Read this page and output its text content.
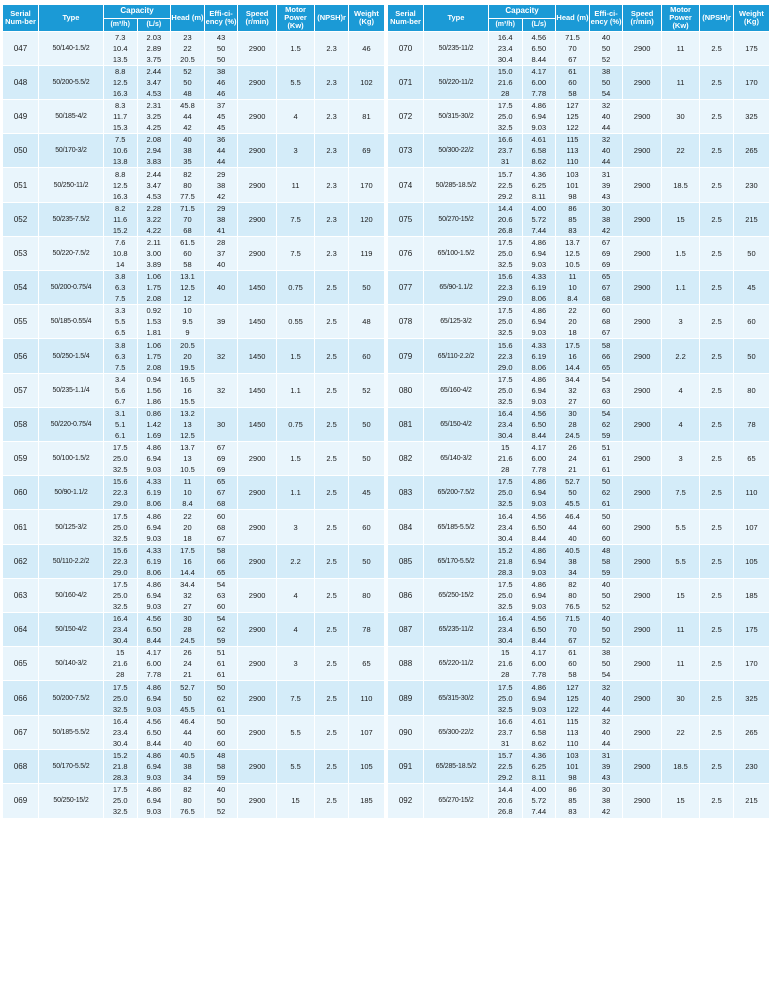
Serial Num-ber	Type	Capacity		Head (m)	Effi-ci-ency (%)	Speed (r/min)	Motor Power (Kw)	(NPSH)r	Weight (Kg)
		(m³/h)	(L/s)						
047	50/140-1.5/2	7.3
10.4
13.5	2.03
2.89
3.75	23
22
20.5	43
50
50	2900	1.5	2.3	46
048	50/200-5.5/2	8.8
12.5
16.3	2.44
3.47
4.53	52
50
48	38
46
46	2900	5.5	2.3	102
049	50/185-4/2	8.3
11.7
15.3	2.31
3.25
4.25	45.8
44
42	37
45
45	2900	4	2.3	81
050	50/170-3/2	7.5
10.6
13.8	2.08
2.94
3.83	40
38
35	36
44
44	2900	3	2.3	69
051	50/250-11/2	8.8
12.5
16.3	2.44
3.47
4.53	82
80
77.5	29
38
42	2900	11	2.3	170
052	50/235-7.5/2	8.2
11.6
15.2	2.28
3.22
4.22	71.5
70
68	29
38
41	2900	7.5	2.3	120
053	50/220-7.5/2	7.6
10.8
14	2.11
3.00
3.89	61.5
60
58	28
37
40	2900	7.5	2.3	119
054	50/200-0.75/4	3.8
6.3
7.5	1.06
1.75
2.08	13.1
12.5
12	40	1450	0.75	2.5	50
055	50/185-0.55/4	3.3
5.5
6.5	0.92
1.53
1.81	10
9.5
9	39	1450	0.55	2.5	48
056	50/250-1.5/4	3.8
6.3
7.5	1.06
1.75
2.08	20.5
20
19.5	32	1450	1.5	2.5	60
057	50/235-1.1/4	3.4
5.6
6.7	0.94
1.56
1.86	16.5
16
15.5	32	1450	1.1	2.5	52
058	50/220-0.75/4	3.1
5.1
6.1	0.86
1.42
1.69	13.2
13
12.5	30	1450	0.75	2.5	50
059	50/100-1.5/2	17.5
25.0
32.5	4.86
6.94
9.03	13.7
13
10.5	67
69
69	2900	1.5	2.5	50
060	50/90-1.1/2	15.6
22.3
29.0	4.33
6.19
8.06	11
10
8.4	65
67
68	2900	1.1	2.5	45
061	50/125-3/2	17.5
25.0
32.5	4.86
6.94
9.03	22
20
18	60
68
67	2900	3	2.5	60
062	50/110-2.2/2	15.6
22.3
29.0	4.33
6.19
8.06	17.5
16
14.4	58
66
65	2900	2.2	2.5	50
063	50/160-4/2	17.5
25.0
32.5	4.86
6.94
9.03	34.4
32
27	54
63
60	2900	4	2.5	80
064	50/150-4/2	16.4
23.4
30.4	4.56
6.50
8.44	30
28
24.5	54
62
59	2900	4	2.5	78
065	50/140-3/2	15
21.6
28	4.17
6.00
7.78	26
24
21	51
61
61	2900	3	2.5	65
066	50/200-7.5/2	17.5
25.0
32.5	4.86
6.94
9.03	52.7
50
45.5	50
62
61	2900	7.5	2.5	110
067	50/185-5.5/2	16.4
23.4
30.4	4.56
6.50
8.44	46.4
44
40	50
60
60	2900	5.5	2.5	107
068	50/170-5.5/2	15.2
21.8
28.3	4.86
6.94
9.03	40.5
38
34	48
58
59	2900	5.5	2.5	105
069	50/250-15/2	17.5
25.0
32.5	4.86
6.94
9.03	82
80
76.5	40
50
52	2900	15	2.5	185
Serial Num-ber	Type	Capacity		Head (m)	Effi-ci-ency (%)	Speed (r/min)	Motor Power (Kw)	(NPSH)r	Weight (Kg)
		(m³/h)	(L/s)						
070	50/235-11/2	16.4
23.4
30.4	4.56
6.50
8.44	71.5
70
67	40
50
52	2900	11	2.5	175
071	50/220-11/2	15.0
21.6
28	4.17
6.00
7.78	61
60
58	38
50
54	2900	11	2.5	170
072	50/315-30/2	17.5
25.0
32.5	4.86
6.94
9.03	127
125
122	32
40
44	2900	30	2.5	325
073	50/300-22/2	16.6
23.7
31	4.61
6.58
8.62	115
113
110	32
40
44	2900	22	2.5	265
074	50/285-18.5/2	15.7
22.5
29.2	4.36
6.25
8.11	103
101
98	31
39
43	2900	18.5	2.5	230
075	50/270-15/2	14.4
20.6
26.8	4.00
5.72
7.44	86
85
83	30
38
42	2900	15	2.5	215
076	65/100-1.5/2	17.5
25.0
32.5	4.86
6.94
9.03	13.7
12.5
10.5	67
69
69	2900	1.5	2.5	50
077	65/90-1.1/2	15.6
22.3
29.0	4.33
6.19
8.06	11
10
8.4	65
67
68	2900	1.1	2.5	45
078	65/125-3/2	17.5
25.0
32.5	4.86
6.94
9.03	22
20
18	60
68
67	2900	3	2.5	60
079	65/110-2.2/2	15.6
22.3
29.0	4.33
6.19
8.06	17.5
16
14.4	58
66
65	2900	2.2	2.5	50
080	65/160-4/2	17.5
25.0
32.5	4.86
6.94
9.03	34.4
32
27	54
63
60	2900	4	2.5	80
081	65/150-4/2	16.4
23.4
30.4	4.56
6.50
8.44	30
28
24.5	54
62
59	2900	4	2.5	78
082	65/140-3/2	15
21.6
28	4.17
6.00
7.78	26
24
21	51
61
61	2900	3	2.5	65
083	65/200-7.5/2	17.5
25.0
32.5	4.86
6.94
9.03	52.7
50
45.5	50
62
61	2900	7.5	2.5	110
084	65/185-5.5/2	16.4
23.4
30.4	4.56
6.50
8.44	46.4
44
40	50
60
60	2900	5.5	2.5	107
085	65/170-5.5/2	15.2
21.8
28.3	4.86
6.94
9.03	40.5
38
34	48
58
59	2900	5.5	2.5	105
086	65/250-15/2	17.5
25.0
32.5	4.86
6.94
9.03	82
80
76.5	40
50
52	2900	15	2.5	185
087	65/235-11/2	16.4
23.4
30.4	4.56
6.50
8.44	71.5
70
67	40
50
52	2900	11	2.5	175
088	65/220-11/2	15
21.6
28	4.17
6.00
7.78	61
60
58	38
50
54	2900	11	2.5	170
089	65/315-30/2	17.5
25.0
32.5	4.86
6.94
9.03	127
125
122	32
40
44	2900	30	2.5	325
090	65/300-22/2	16.6
23.7
31	4.61
6.58
8.62	115
113
110	32
40
44	2900	22	2.5	265
091	65/285-18.5/2	15.7
22.5
29.2	4.36
6.25
8.11	103
101
98	31
39
43	2900	18.5	2.5	230
092	65/270-15/2	14.4
20.6
26.8	4.00
5.72
7.44	86
85
83	30
38
42	2900	15	2.5	215
